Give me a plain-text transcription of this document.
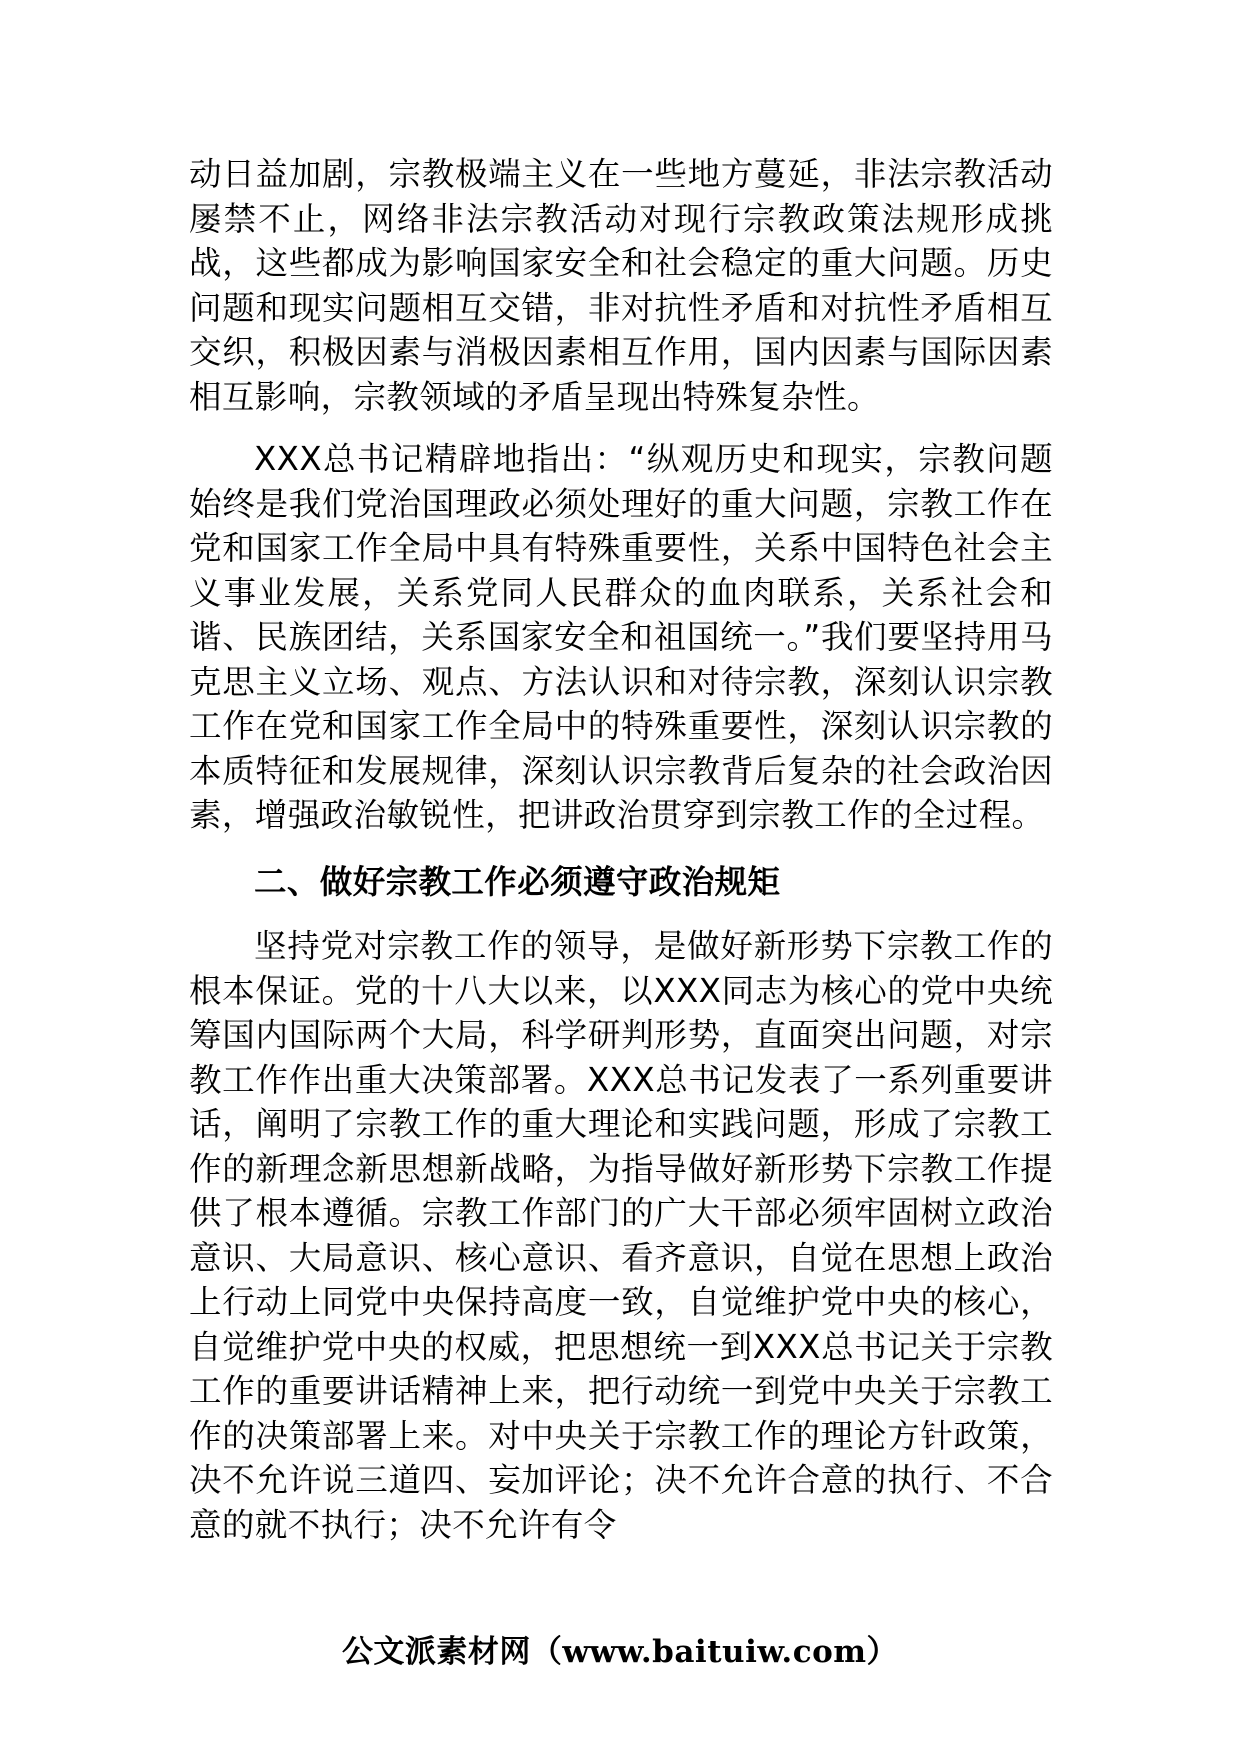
动日益加剧，宗教极端主义在一些地方蔓延，非法宗教活动屡禁不止，网络非法宗教活动对现行宗教政策法规形成挑战，这些都成为影响国家安全和社会稳定的重大问题。历史问题和现实问题相互交错，非对抗性矛盾和对抗性矛盾相互交织，积极因素与消极因素相互作用，国内因素与国际因素相互影响，宗教领域的矛盾呈现出特殊复杂性。

XXX总书记精辟地指出：“纵观历史和现实，宗教问题始终是我们党治国理政必须处理好的重大问题，宗教工作在党和国家工作全局中具有特殊重要性，关系中国特色社会主义事业发展，关系党同人民群众的血肉联系，关系社会和谐、民族团结，关系国家安全和祖国统一。”我们要坚持用马克思主义立场、观点、方法认识和对待宗教，深刻认识宗教工作在党和国家工作全局中的特殊重要性，深刻认识宗教的本质特征和发展规律，深刻认识宗教背后复杂的社会政治因素，增强政治敏锐性，把讲政治贯穿到宗教工作的全过程。

二、做好宗教工作必须遵守政治规矩

坚持党对宗教工作的领导，是做好新形势下宗教工作的根本保证。党的十八大以来，以XXX同志为核心的党中央统筹国内国际两个大局，科学研判形势，直面突出问题，对宗教工作作出重大决策部署。XXX总书记发表了一系列重要讲话，阐明了宗教工作的重大理论和实践问题，形成了宗教工作的新理念新思想新战略，为指导做好新形势下宗教工作提供了根本遵循。宗教工作部门的广大干部必须牢固树立政治意识、大局意识、核心意识、看齐意识，自觉在思想上政治上行动上同党中央保持高度一致，自觉维护党中央的核心，自觉维护党中央的权威，把思想统一到XXX总书记关于宗教工作的重要讲话精神上来，把行动统一到党中央关于宗教工作的决策部署上来。对中央关于宗教工作的理论方针政策，决不允许说三道四、妄加评论；决不允许合意的执行、不合意的就不执行；决不允许有令

公文派素材网（www.baituiw.com）
